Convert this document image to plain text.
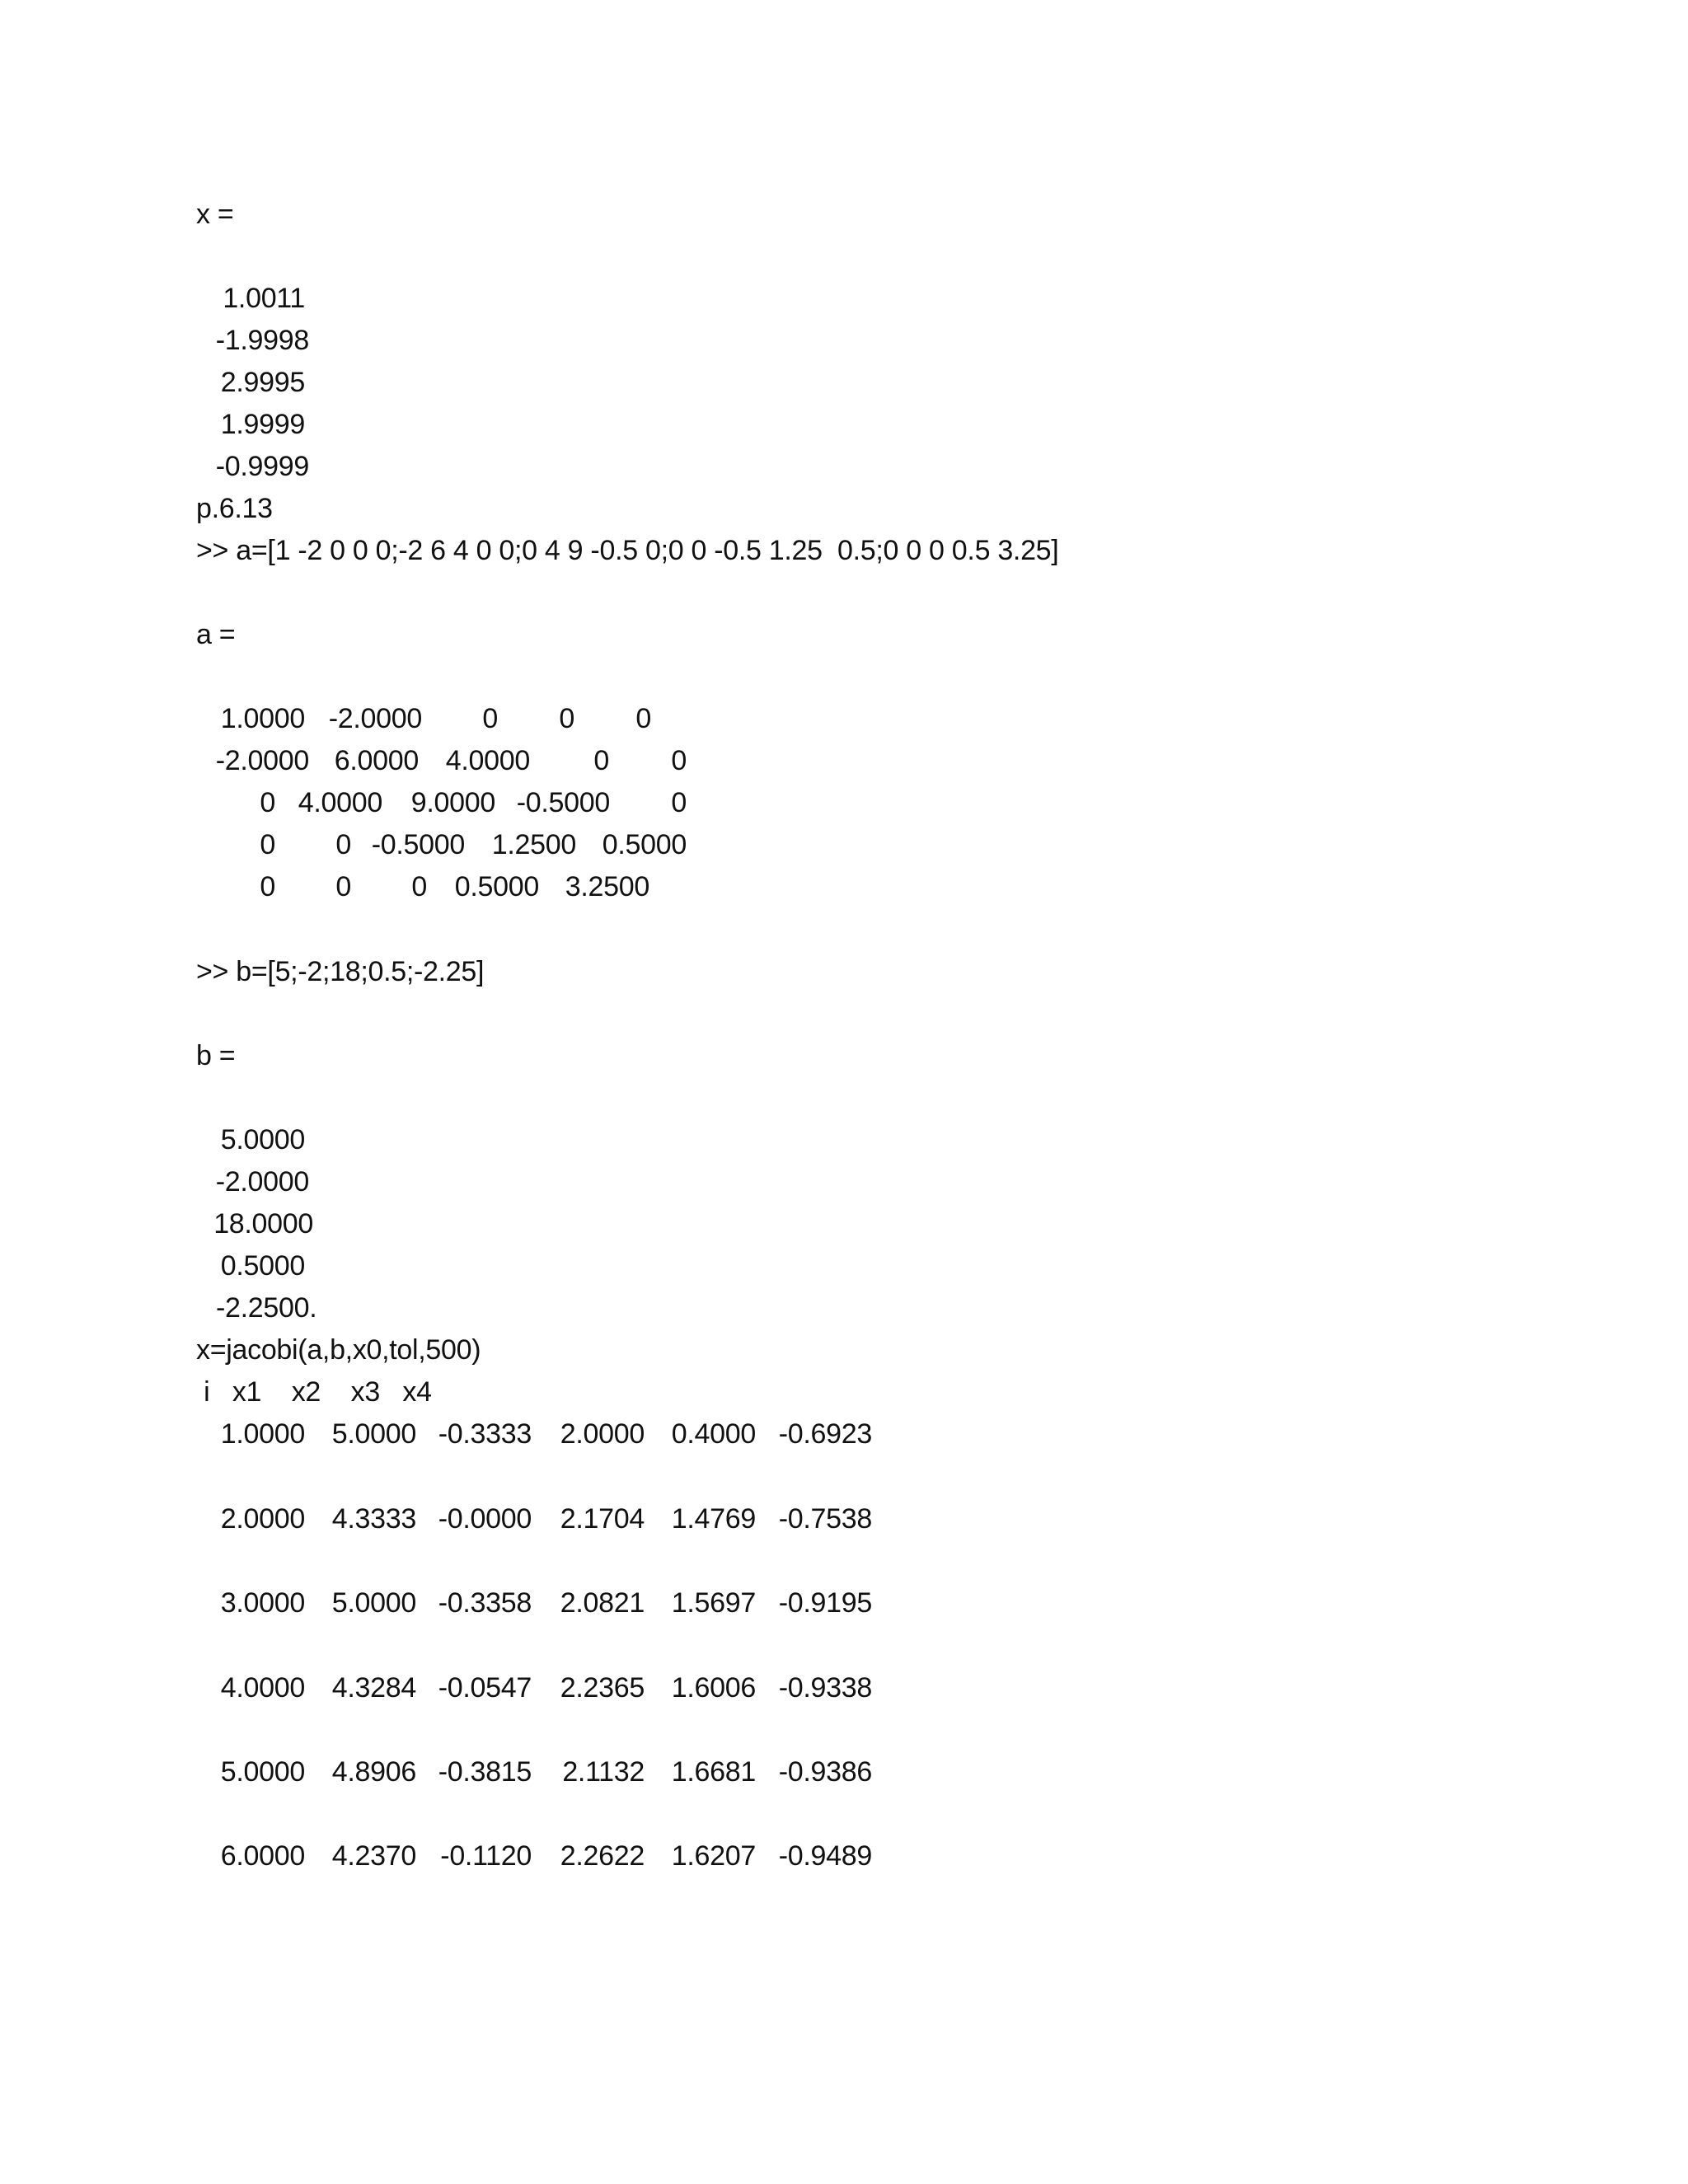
x =
1.0011
-1.9998
2.9995
1.9999
-0.9999
p.6.13
>> a=[1 -2 0 0 0;-2 6 4 0 0;0 4 9 -0.5 0;0 0 -0.5 1.25  0.5;0 0 0 0.5 3.25]
a =
1.0000 -2.0000 0 0 0
-2.0000 6.0000 4.0000 0 0
0 4.0000 9.0000 -0.5000 0
0 0 -0.5000 1.2500 0.5000
0 0 0 0.5000 3.2500
>> b=[5;-2;18;0.5;-2.25]
b =
5.0000
-2.0000
18.0000
0.5000
-2.2500.
x=jacobi(a,b,x0,tol,500)
i   x1    x2    x3   x4
1.0000 5.0000 -0.3333 2.0000 0.4000 -0.6923
2.0000 4.3333 -0.0000 2.1704 1.4769 -0.7538
3.0000 5.0000 -0.3358 2.0821 1.5697 -0.9195
4.0000 4.3284 -0.0547 2.2365 1.6006 -0.9338
5.0000 4.8906 -0.3815 2.1132 1.6681 -0.9386
6.0000 4.2370 -0.1120 2.2622 1.6207 -0.9489
